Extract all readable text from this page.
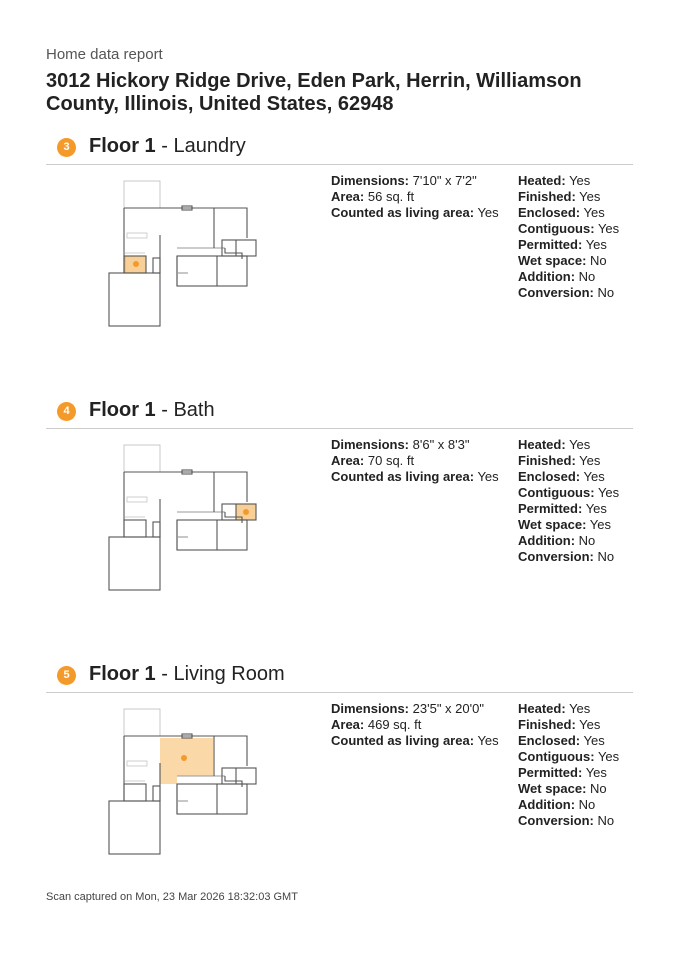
Home data report
3012 Hickory Ridge Drive, Eden Park, Herrin, Williamson County, Illinois, United States, 62948
3 Floor 1 - Laundry
Dimensions: 7'10" x 7'2"
Area: 56 sq. ft
Counted as living area: Yes
Heated: Yes
Finished: Yes
Enclosed: Yes
Contiguous: Yes
Permitted: Yes
Wet space: No
Addition: No
Conversion: No
4 Floor 1 - Bath
Dimensions: 8'6" x 8'3"
Area: 70 sq. ft
Counted as living area: Yes
Heated: Yes
Finished: Yes
Enclosed: Yes
Contiguous: Yes
Permitted: Yes
Wet space: Yes
Addition: No
Conversion: No
5 Floor 1 - Living Room
Dimensions: 23'5" x 20'0"
Area: 469 sq. ft
Counted as living area: Yes
Heated: Yes
Finished: Yes
Enclosed: Yes
Contiguous: Yes
Permitted: Yes
Wet space: No
Addition: No
Conversion: No
Scan captured on Mon, 23 Mar 2026 18:32:03 GMT
